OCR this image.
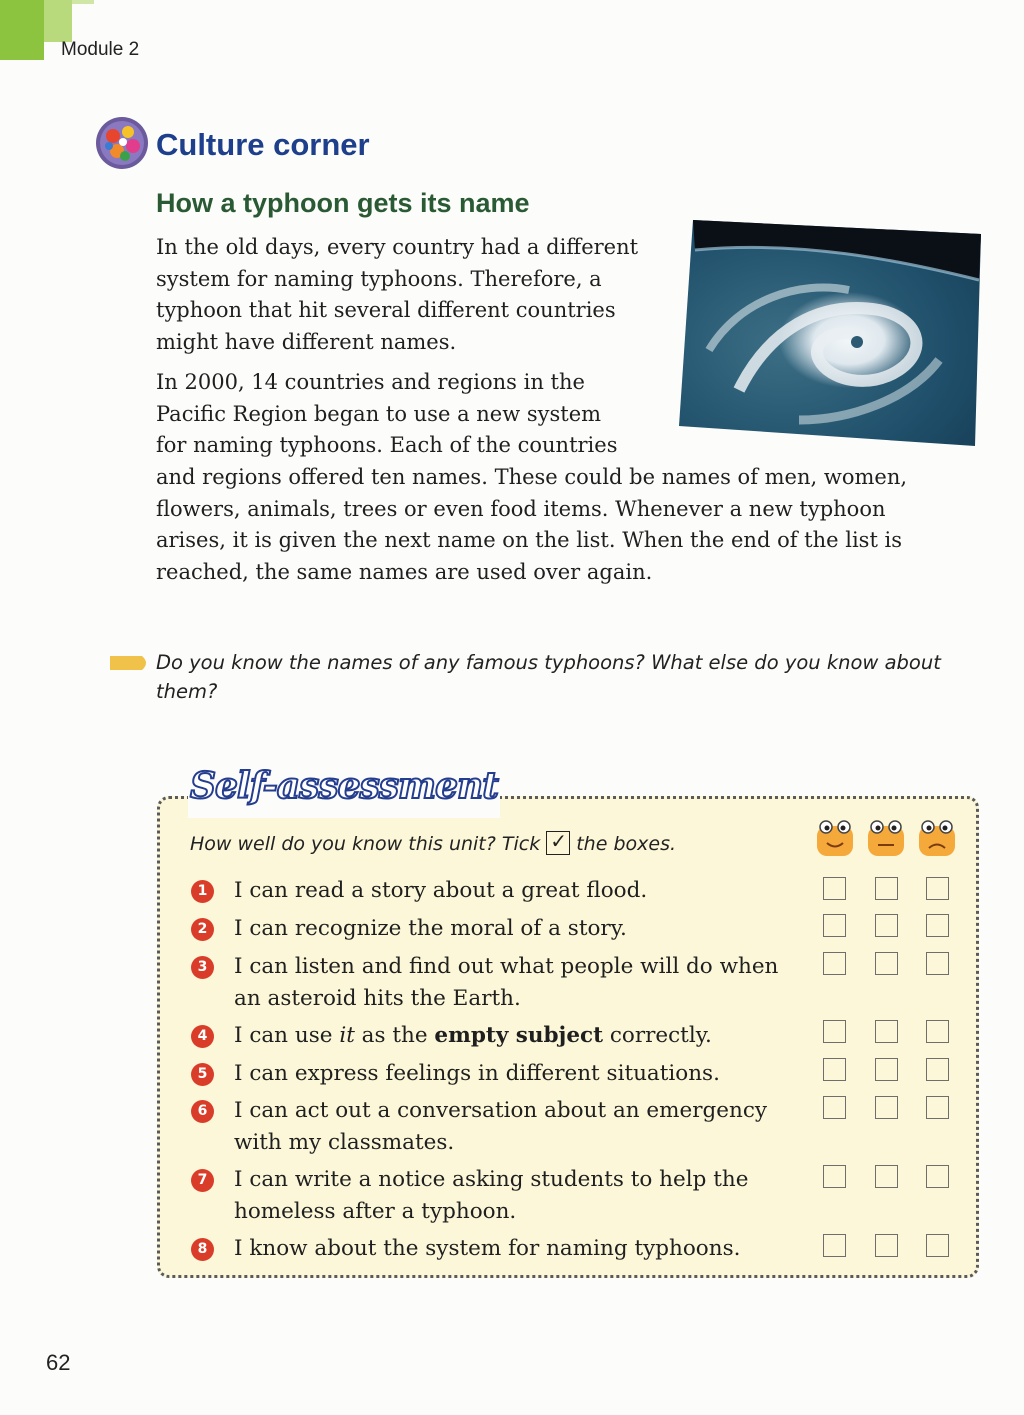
Module 2
Culture corner
How a typhoon gets its name
In the old days, every country had a different
system for naming typhoons. Therefore, a
typhoon that hit several different countries
might have different names.
In 2000, 14 countries and regions in the
Pacific Region began to use a new system
for naming typhoons. Each of the countries
and regions offered ten names. These could be names of men, women,
flowers, animals, trees or even food items. Whenever a new typhoon
arises, it is given the next name on the list. When the end of the list is
reached, the same names are used over again.
Do you know the names of any famous typhoons? What else do you know about them?
Self-assessment
How well do you know this unit? Tick ✓ the boxes.
1	I can read a story about a great flood.
2	I can recognize the moral of a story.
3	I can listen and find out what people will do when
an asteroid hits the Earth.
4	I can use it as the empty subject correctly.
5	I can express feelings in different situations.
6	I can act out a conversation about an emergency
with my classmates.
7	I can write a notice asking students to help the
homeless after a typhoon.
8	I know about the system for naming typhoons.
62
